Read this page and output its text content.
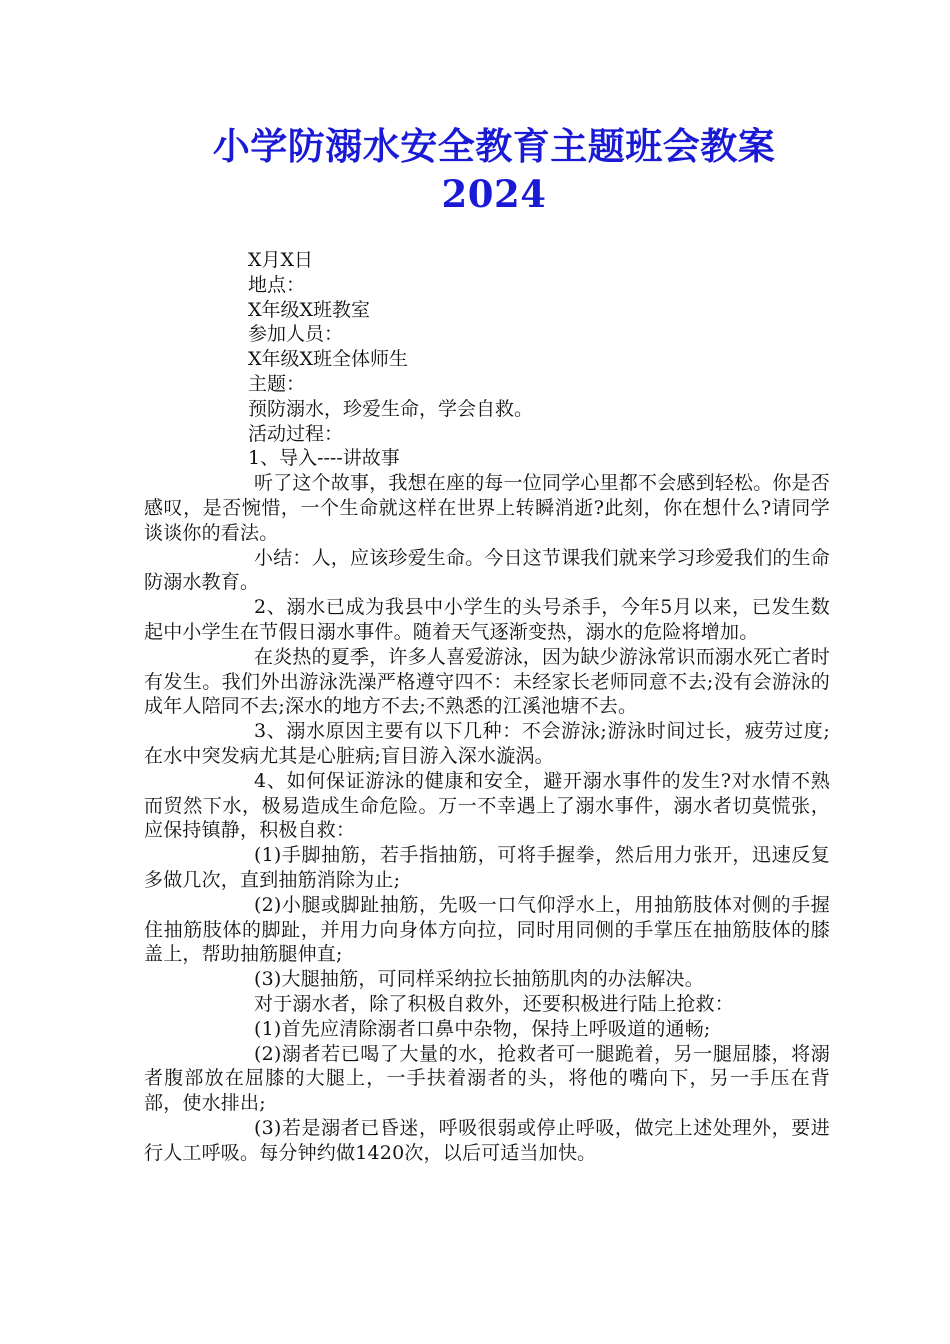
小学防溺水安全教育主题班会教案
2024

X月X日

地点：

X年级X班教室

参加人员：

X年级X班全体师生

主题：

预防溺水，珍爱生命，学会自救。

活动过程：

1、导入----讲故事

听了这个故事，我想在座的每一位同学心里都不会感到轻松。你是否感叹，是否惋惜，一个生命就这样在世界上转瞬消逝?此刻，你在想什么?请同学谈谈你的看法。

小结：人，应该珍爱生命。今日这节课我们就来学习珍爱我们的生命防溺水教育。

2、溺水已成为我县中小学生的头号杀手，今年5月以来，已发生数起中小学生在节假日溺水事件。随着天气逐渐变热，溺水的危险将增加。

在炎热的夏季，许多人喜爱游泳，因为缺少游泳常识而溺水死亡者时有发生。我们外出游泳洗澡严格遵守四不：未经家长老师同意不去;没有会游泳的成年人陪同不去;深水的地方不去;不熟悉的江溪池塘不去。

3、溺水原因主要有以下几种：不会游泳;游泳时间过长，疲劳过度;在水中突发病尤其是心脏病;盲目游入深水漩涡。

4、如何保证游泳的健康和安全，避开溺水事件的发生?对水情不熟而贸然下水，极易造成生命危险。万一不幸遇上了溺水事件，溺水者切莫慌张，应保持镇静，积极自救：

(1)手脚抽筋，若手指抽筋，可将手握拳，然后用力张开，迅速反复多做几次，直到抽筋消除为止;

(2)小腿或脚趾抽筋，先吸一口气仰浮水上，用抽筋肢体对侧的手握住抽筋肢体的脚趾，并用力向身体方向拉，同时用同侧的手掌压在抽筋肢体的膝盖上，帮助抽筋腿伸直;

(3)大腿抽筋，可同样采纳拉长抽筋肌肉的办法解决。

对于溺水者，除了积极自救外，还要积极进行陆上抢救：

(1)首先应清除溺者口鼻中杂物，保持上呼吸道的通畅;

(2)溺者若已喝了大量的水，抢救者可一腿跪着，另一腿屈膝，将溺者腹部放在屈膝的大腿上，一手扶着溺者的头，将他的嘴向下，另一手压在背部，使水排出;

(3)若是溺者已昏迷，呼吸很弱或停止呼吸，做完上述处理外，要进行人工呼吸。每分钟约做1420次，以后可适当加快。
